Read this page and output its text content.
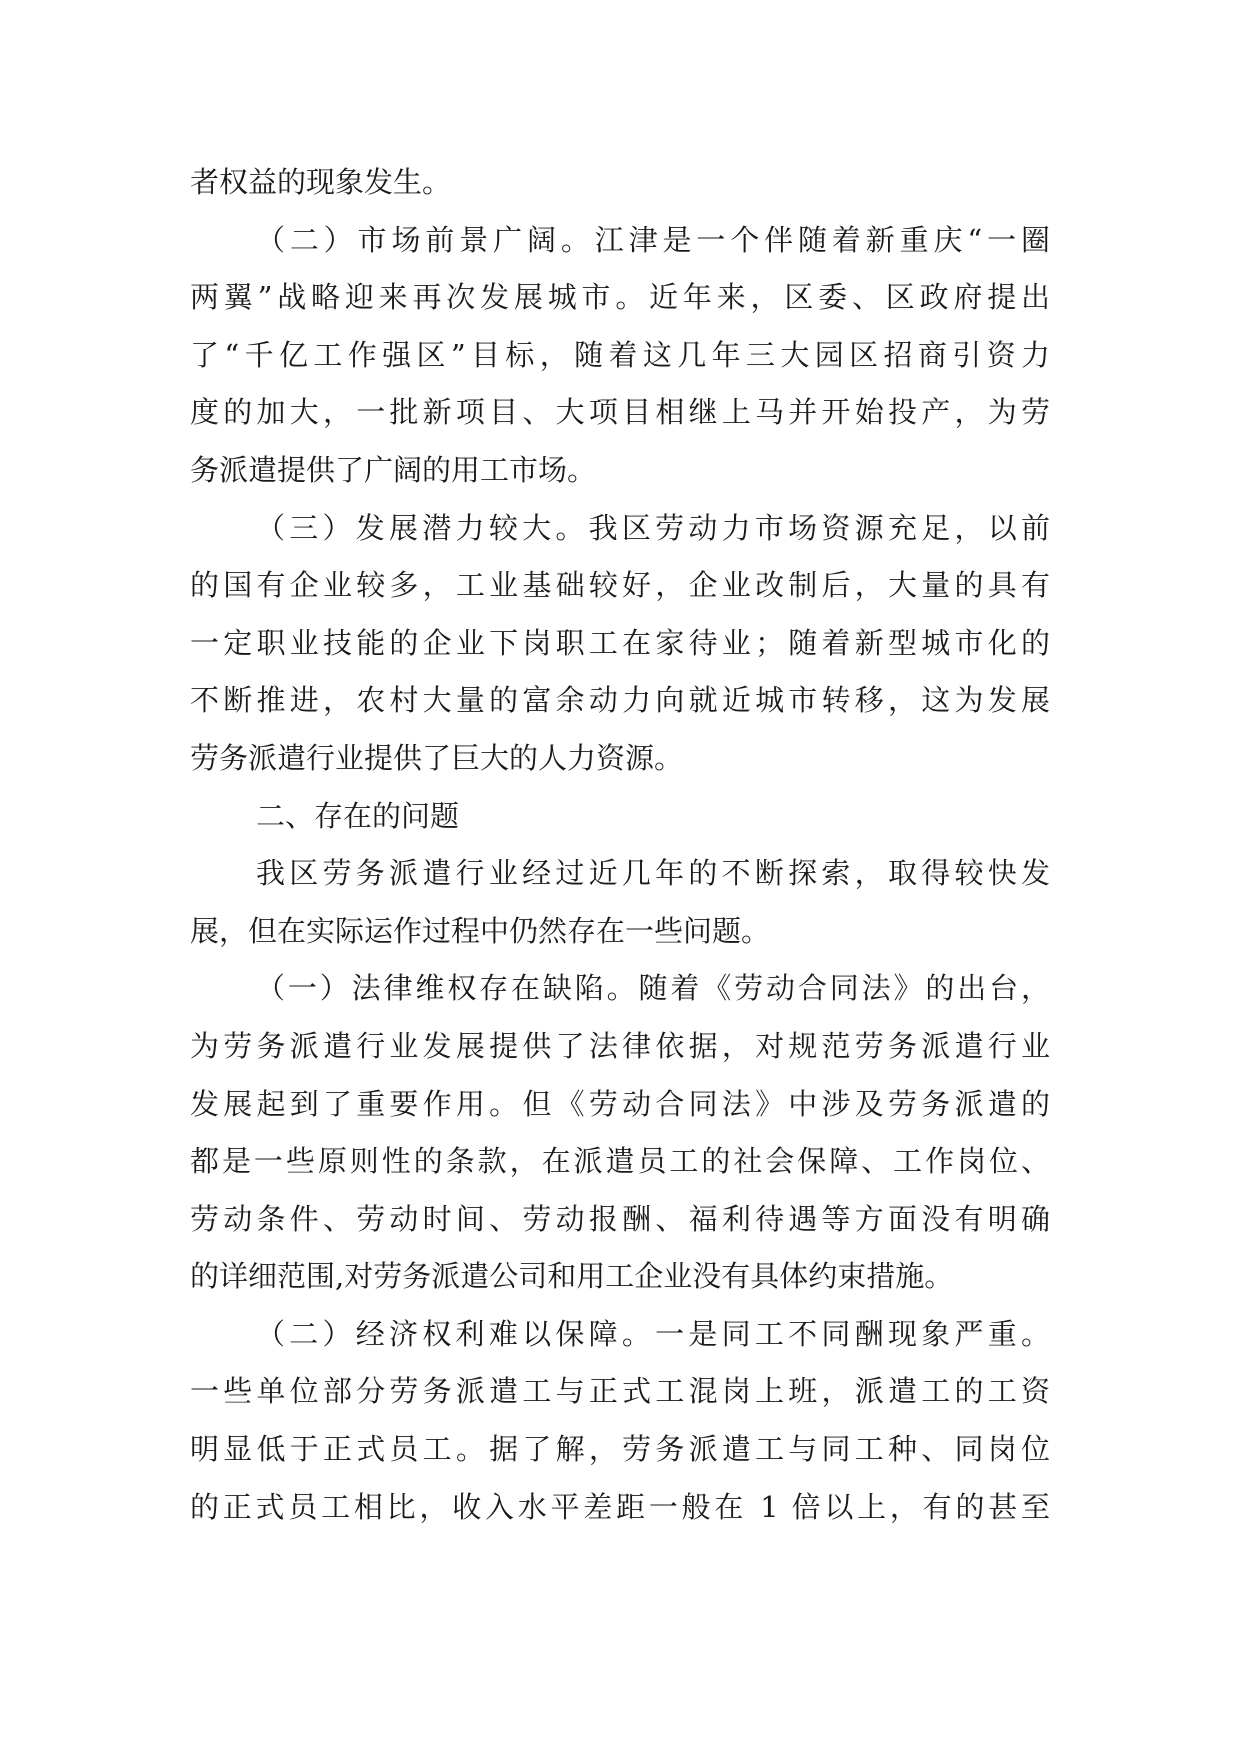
者权益的现象发生。
（二）市场前景广阔。江津是一个伴随着新重庆“一圈
两翼”战略迎来再次发展城市。近年来，区委、区政府提出
了“千亿工作强区”目标，随着这几年三大园区招商引资力
度的加大，一批新项目、大项目相继上马并开始投产，为劳
务派遣提供了广阔的用工市场。
（三）发展潜力较大。我区劳动力市场资源充足，以前
的国有企业较多，工业基础较好，企业改制后，大量的具有
一定职业技能的企业下岗职工在家待业；随着新型城市化的
不断推进，农村大量的富余动力向就近城市转移，这为发展
劳务派遣行业提供了巨大的人力资源。
二、存在的问题
我区劳务派遣行业经过近几年的不断探索，取得较快发
展，但在实际运作过程中仍然存在一些问题。
（一）法律维权存在缺陷。随着《劳动合同法》的出台，
为劳务派遣行业发展提供了法律依据，对规范劳务派遣行业
发展起到了重要作用。但《劳动合同法》中涉及劳务派遣的
都是一些原则性的条款，在派遣员工的社会保障、工作岗位、
劳动条件、劳动时间、劳动报酬、福利待遇等方面没有明确
的详细范围,对劳务派遣公司和用工企业没有具体约束措施。
（二）经济权利难以保障。一是同工不同酬现象严重。
一些单位部分劳务派遣工与正式工混岗上班，派遣工的工资
明显低于正式员工。据了解，劳务派遣工与同工种、同岗位
的正式员工相比，收入水平差距一般在 1 倍以上，有的甚至
